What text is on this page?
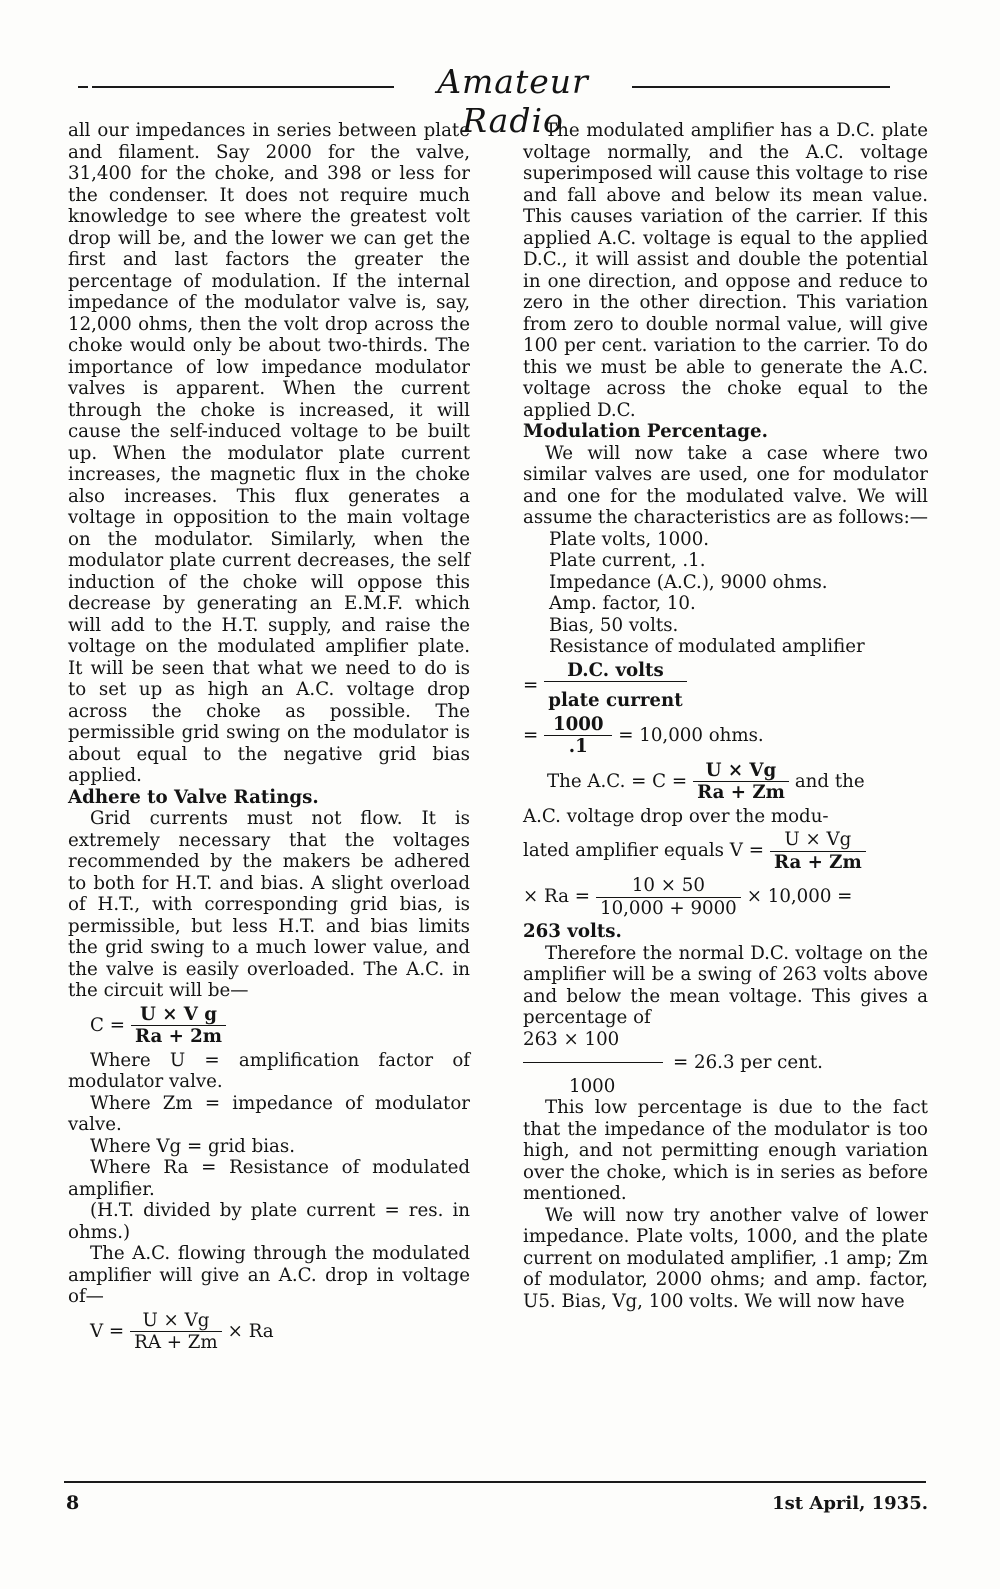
Amateur Radio

all our impedances in series between plate and filament. Say 2000 for the valve, 31,400 for the choke, and 398 or less for the condenser. It does not require much knowledge to see where the greatest volt drop will be, and the lower we can get the first and last factors the greater the percentage of modulation. If the internal impedance of the modulator valve is, say, 12,000 ohms, then the volt drop across the choke would only be about two-thirds. The importance of low impedance modulator valves is apparent. When the current through the choke is increased, it will cause the self-induced voltage to be built up. When the modulator plate current increases, the magnetic flux in the choke also increases. This flux generates a voltage in opposition to the main voltage on the modulator. Similarly, when the modulator plate current decreases, the self induction of the choke will oppose this decrease by generating an E.M.F. which will add to the H.T. supply, and raise the voltage on the modulated amplifier plate. It will be seen that what we need to do is to set up as high an A.C. voltage drop across the choke as possible. The permissible grid swing on the modulator is about equal to the negative grid bias applied.

Adhere to Valve Ratings.

Grid currents must not flow. It is extremely necessary that the voltages recommended by the makers be adhered to both for H.T. and bias. A slight overload of H.T., with corresponding grid bias, is permissible, but less H.T. and bias limits the grid swing to a much lower value, and the valve is easily overloaded. The A.C. in the circuit will be—

$C = \frac{\text{U × V g}}{Ra + 2m}$

Where U = amplification factor of modulator valve.

Where Zm = impedance of modulator valve.

Where Vg = grid bias.

Where Ra = Resistance of modulated amplifier.

(H.T. divided by plate current = res. in ohms.)

The A.C. flowing through the modulated amplifier will give an A.C. drop in voltage of—

$V = \frac{U \times Vg}{RA + Zm} \times Ra$

The modulated amplifier has a D.C. plate voltage normally, and the A.C. voltage superimposed will cause this voltage to rise and fall above and below its mean value. This causes variation of the carrier. If this applied A.C. voltage is equal to the applied D.C., it will assist and double the potential in one direction, and oppose and reduce to zero in the other direction. This variation from zero to double normal value, will give 100 per cent. variation to the carrier. To do this we must be able to generate the A.C. voltage across the choke equal to the applied D.C.

Modulation Percentage.

We will now take a case where two similar valves are used, one for modulator and one for the modulated valve. We will assume the characteristics are as follows:—

Plate volts, 1000.
Plate current, .1.
Impedance (A.C.), 9000 ohms.
Amp. factor, 10.
Bias, 50 volts.
Resistance of modulated amplifier
= $\frac{\text{D.C. volts}}{\text{plate current}}$
= $\frac{1000}{.1} = 10,000$ ohms.
The A.C. = $C = \frac{U \times Vg}{Ra + Zm}$ and the

A.C. voltage drop over the modu-

lated amplifier equals $V = \frac{U \times Vg}{Ra + Zm}$
× $Ra = \frac{10 \times 50}{10,000 + 9000} \times 10,000$ =

263 volts.

Therefore the normal D.C. voltage on the amplifier will be a swing of 263 volts above and below the mean voltage. This gives a percentage of

263 × 100
= 26.3 per cent.
1000

This low percentage is due to the fact that the impedance of the modulator is too high, and not permitting enough variation over the choke, which is in series as before mentioned.

We will now try another valve of lower impedance. Plate volts, 1000, and the plate current on modulated amplifier, .1 amp; Zm of modulator, 2000 ohms; and amp. factor, U5. Bias, Vg, 100 volts. We will now have

8	1st April, 1935.
